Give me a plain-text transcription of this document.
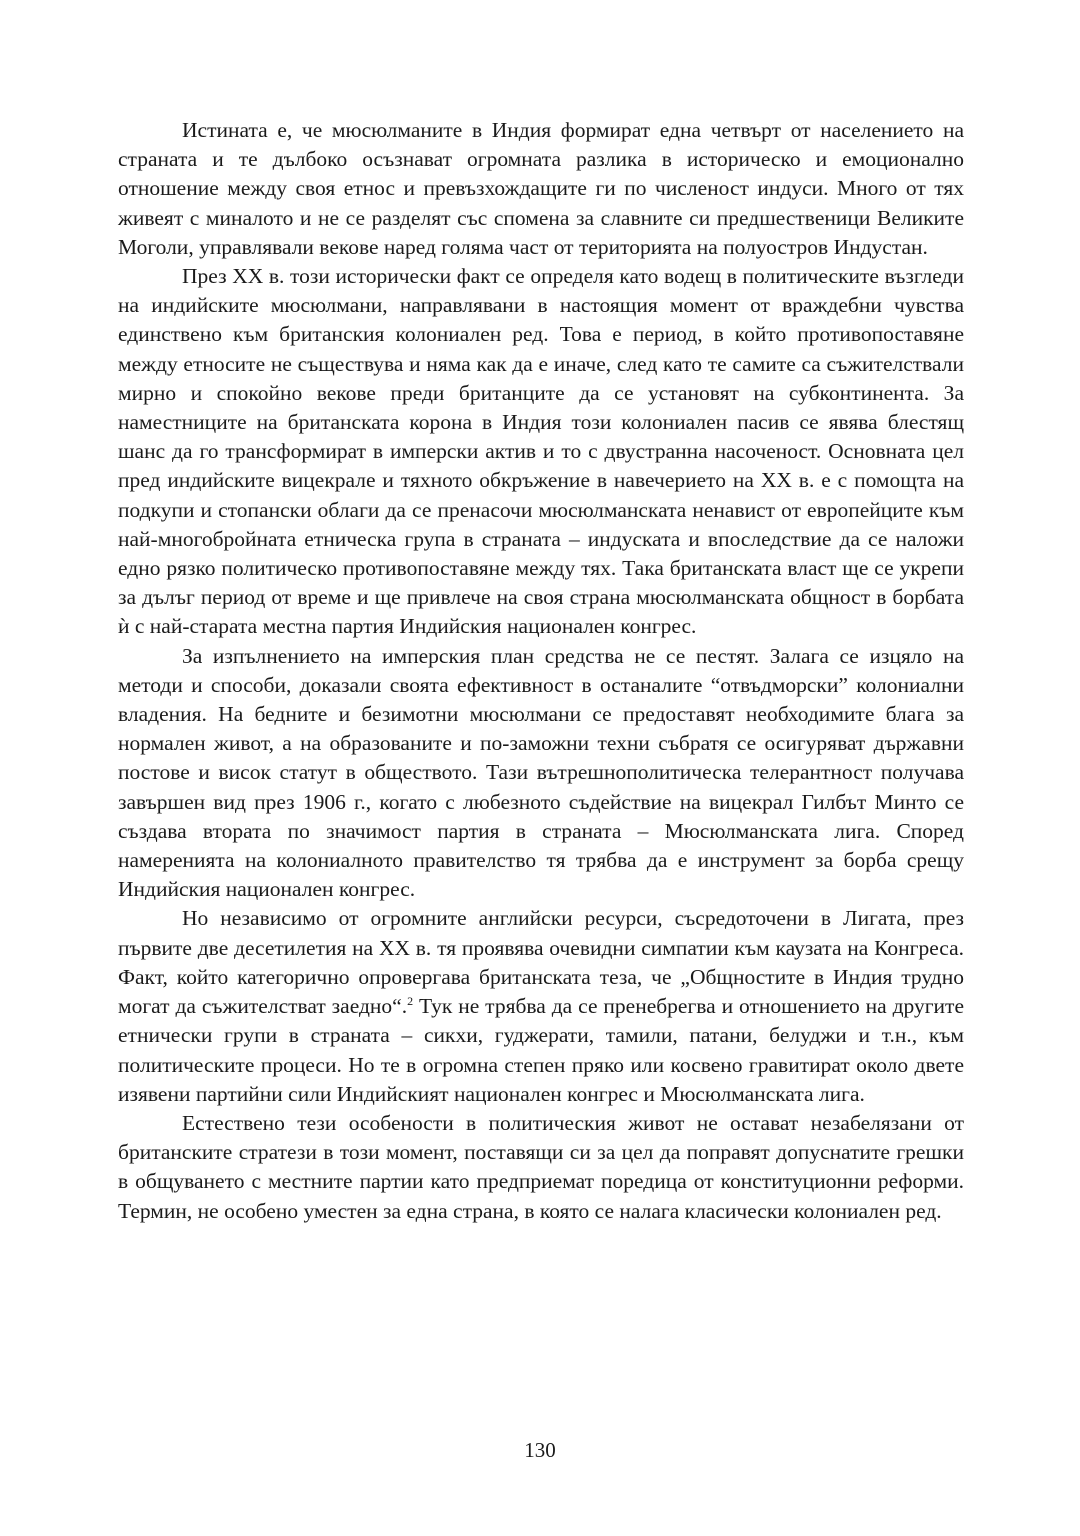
Истината е, че мюсюлманите в Индия формират една четвърт от населението на страната и те дълбоко осъзнават огромната разлика в историческо и емоционално отношение между своя етнос и превъзхождащите ги по численост индуси. Много от тях живеят с миналото и не се разделят със спомена за славните си предшественици Великите Моголи, управлявали векове наред голяма част от територията на полуостров Индустан.

През XX в. този исторически факт се определя като водещ в политическите възгледи на индийските мюсюлмани, направлявани в настоящия момент от враждебни чувства единствено към британския колониален ред. Това е период, в който противопоставяне между етносите не съществува и няма как да е иначе, след като те самите са съжителствали мирно и спокойно векове преди британците да се установят на субконтинента. За наместниците на британската корона в Индия този колониален пасив се явява блестящ шанс да го трансформират в имперски актив и то с двустранна насоченост. Основната цел пред индийските вицекрале и тяхното обкръжение в навечерието на XX в. е с помощта на подкупи и стопански облаги да се пренасочи мюсюлманската ненавист от европейците към най-многобройната етническа група в страната – индуската и впоследствие да се наложи едно рязко политическо противопоставяне между тях. Така британската власт ще се укрепи за дълъг период от време и ще привлече на своя страна мюсюлманската общност в борбата ѝ с най-старата местна партия Индийския национален конгрес.

За изпълнението на имперския план средства не се пестят. Залага се изцяло на методи и способи, доказали своята ефективност в останалите “отвъдморски” колониални владения. На бедните и безимотни мюсюлмани се предоставят необходимите блага за нормален живот, а на образованите и по-заможни техни събратя се осигуряват държавни постове и висок статут в обществото. Тази вътрешнополитическа телерантност получава завършен вид през 1906 г., когато с любезното съдействие на вицекрал Гилбът Минто се създава втората по значимост партия в страната – Мюсюлманската лига. Според намеренията на колониалното правителство тя трябва да е инструмент за борба срещу Индийския национален конгрес.

Но независимо от огромните английски ресурси, съсредоточени в Лигата, през първите две десетилетия на XX в. тя проявява очевидни симпатии към каузата на Конгреса. Факт, който категорично опровергава британската теза, че „Общностите в Индия трудно могат да съжителстват заедно“.$^2$ Тук не трябва да се пренебрегва и отношението на другите етнически групи в страната – сикхи, гуджерати, тамили, патани, белуджи и т.н., към политическите процеси. Но те в огромна степен пряко или косвено гравитират около двете изявени партийни сили Индийският национален конгрес и Мюсюлманската лига.

Естествено тези особености в политическия живот не остават незабелязани от британските стратези в този момент, поставящи си за цел да поправят допуснатите грешки в общуването с местните партии като предприемат поредица от конституционни реформи. Термин, не особено уместен за една страна, в която се налага класически колониален ред.

130
